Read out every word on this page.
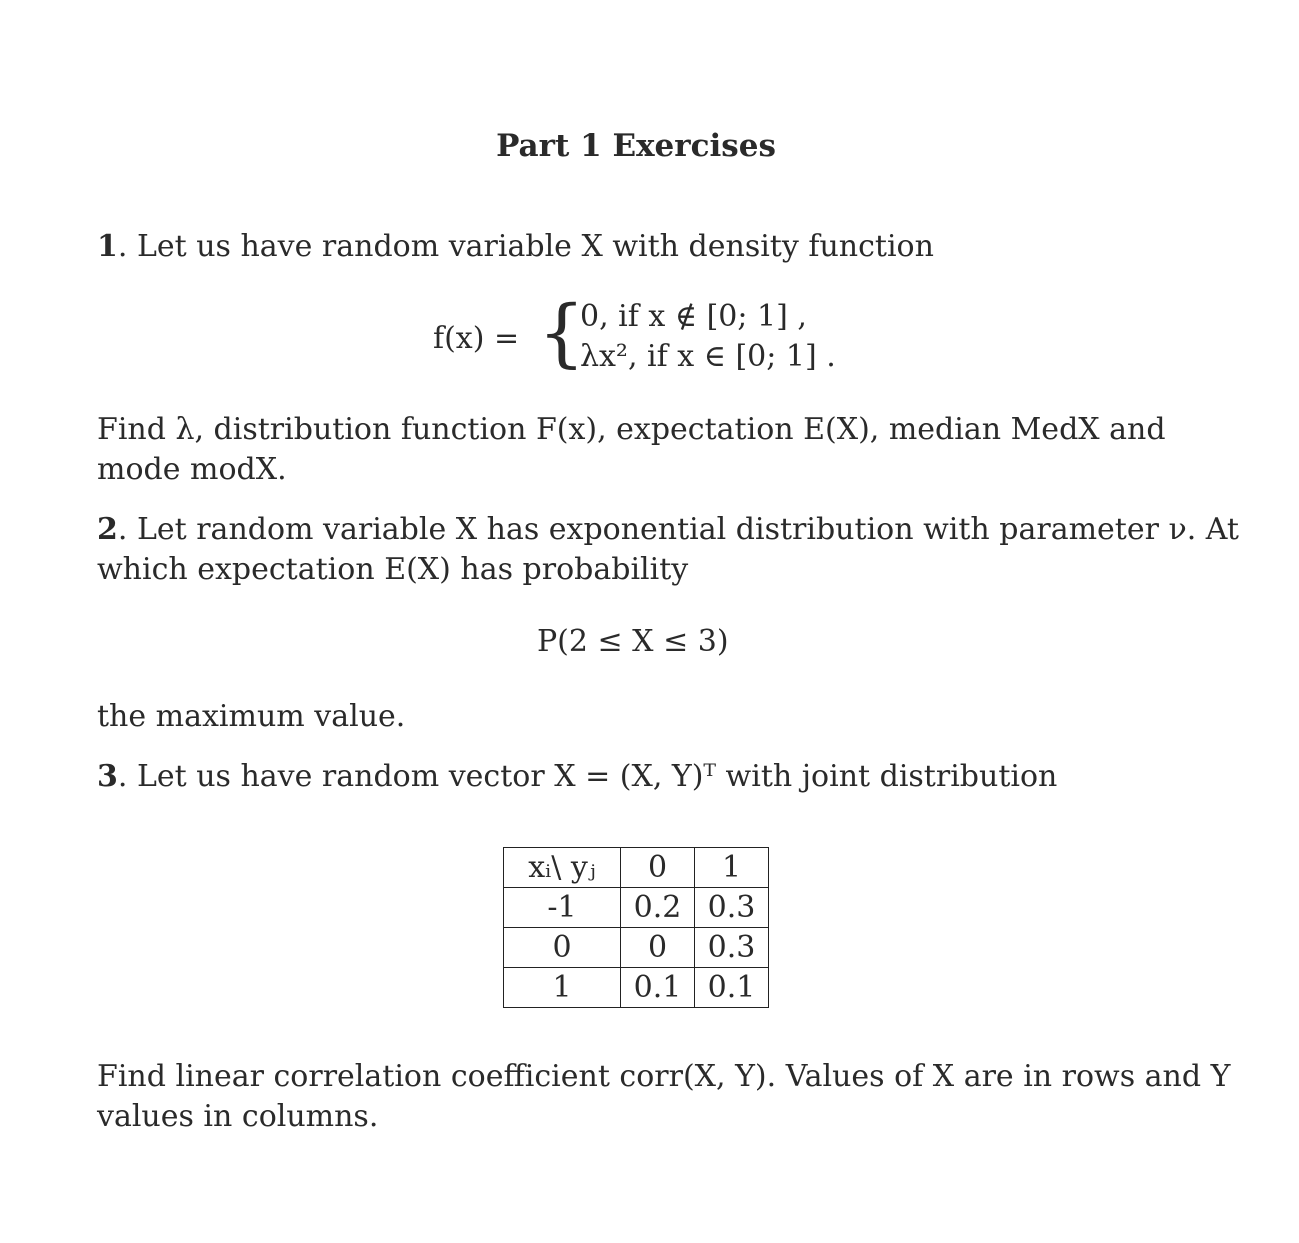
Part 1 Exercises
1. Let us have random variable X with density function
f(x) = {
0, if x ∉ [0; 1] ,
λx², if x ∈ [0; 1] .
Find λ, distribution function F(x), expectation E(X), median MedX and
mode modX.
2. Let random variable X has exponential distribution with parameter ν. At
which expectation E(X) has probability
P(2 ≤ X ≤ 3)
the maximum value.
3. Let us have random vector X = (X, Y)ᵀ with joint distribution
xᵢ\ yⱼ	0	1
-1	0.2	0.3
0	0	0.3
1	0.1	0.1
Find linear correlation coefficient corr(X, Y). Values of X are in rows and Y
values in columns.
